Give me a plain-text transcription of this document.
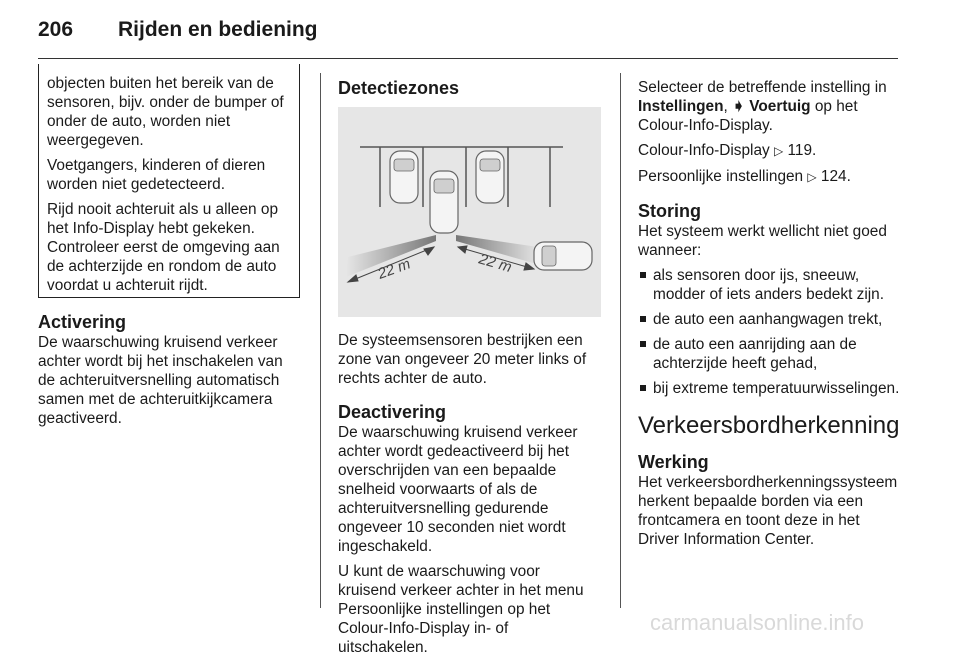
206 Rijden en bediening

objecten buiten het bereik van de sensoren, bijv. onder de bumper of onder de auto, worden niet weergegeven.

Voetgangers, kinderen of dieren worden niet gedetecteerd.

Rijd nooit achteruit als u alleen op het Info-Display hebt gekeken. Controleer eerst de omgeving aan de achterzijde en rondom de auto voordat u achteruit rijdt.

Activering

De waarschuwing kruisend verkeer achter wordt bij het inschakelen van de achteruitversnelling automatisch samen met de achteruitkijkcamera geactiveerd.

Detectiezones
22 m	22 m

De systeemsensoren bestrijken een zone van ongeveer 20 meter links of rechts achter de auto.

Deactivering

De waarschuwing kruisend verkeer achter wordt gedeactiveerd bij het overschrijden van een bepaalde snelheid voorwaarts of als de achteruitversnelling gedurende ongeveer 10 seconden niet wordt ingeschakeld.

U kunt de waarschuwing voor kruisend verkeer achter in het menu Persoonlijke instellingen op het Colour-Info-Display in- of uitschakelen.

Selecteer de betreffende instelling in Instellingen, ➧ Voertuig op het Colour-Info-Display.

Colour-Info-Display ▷ 119.

Persoonlijke instellingen ▷ 124.

Storing

Het systeem werkt wellicht niet goed wanneer:

als sensoren door ijs, sneeuw, modder of iets anders bedekt zijn.
de auto een aanhangwagen trekt,
de auto een aanrijding aan de achterzijde heeft gehad,
bij extreme temperatuurwisselingen.
Verkeersbordherkenning
Werking

Het verkeersbordherkenningssysteem herkent bepaalde borden via een frontcamera en toont deze in het Driver Information Center.

carmanualsonline.info
